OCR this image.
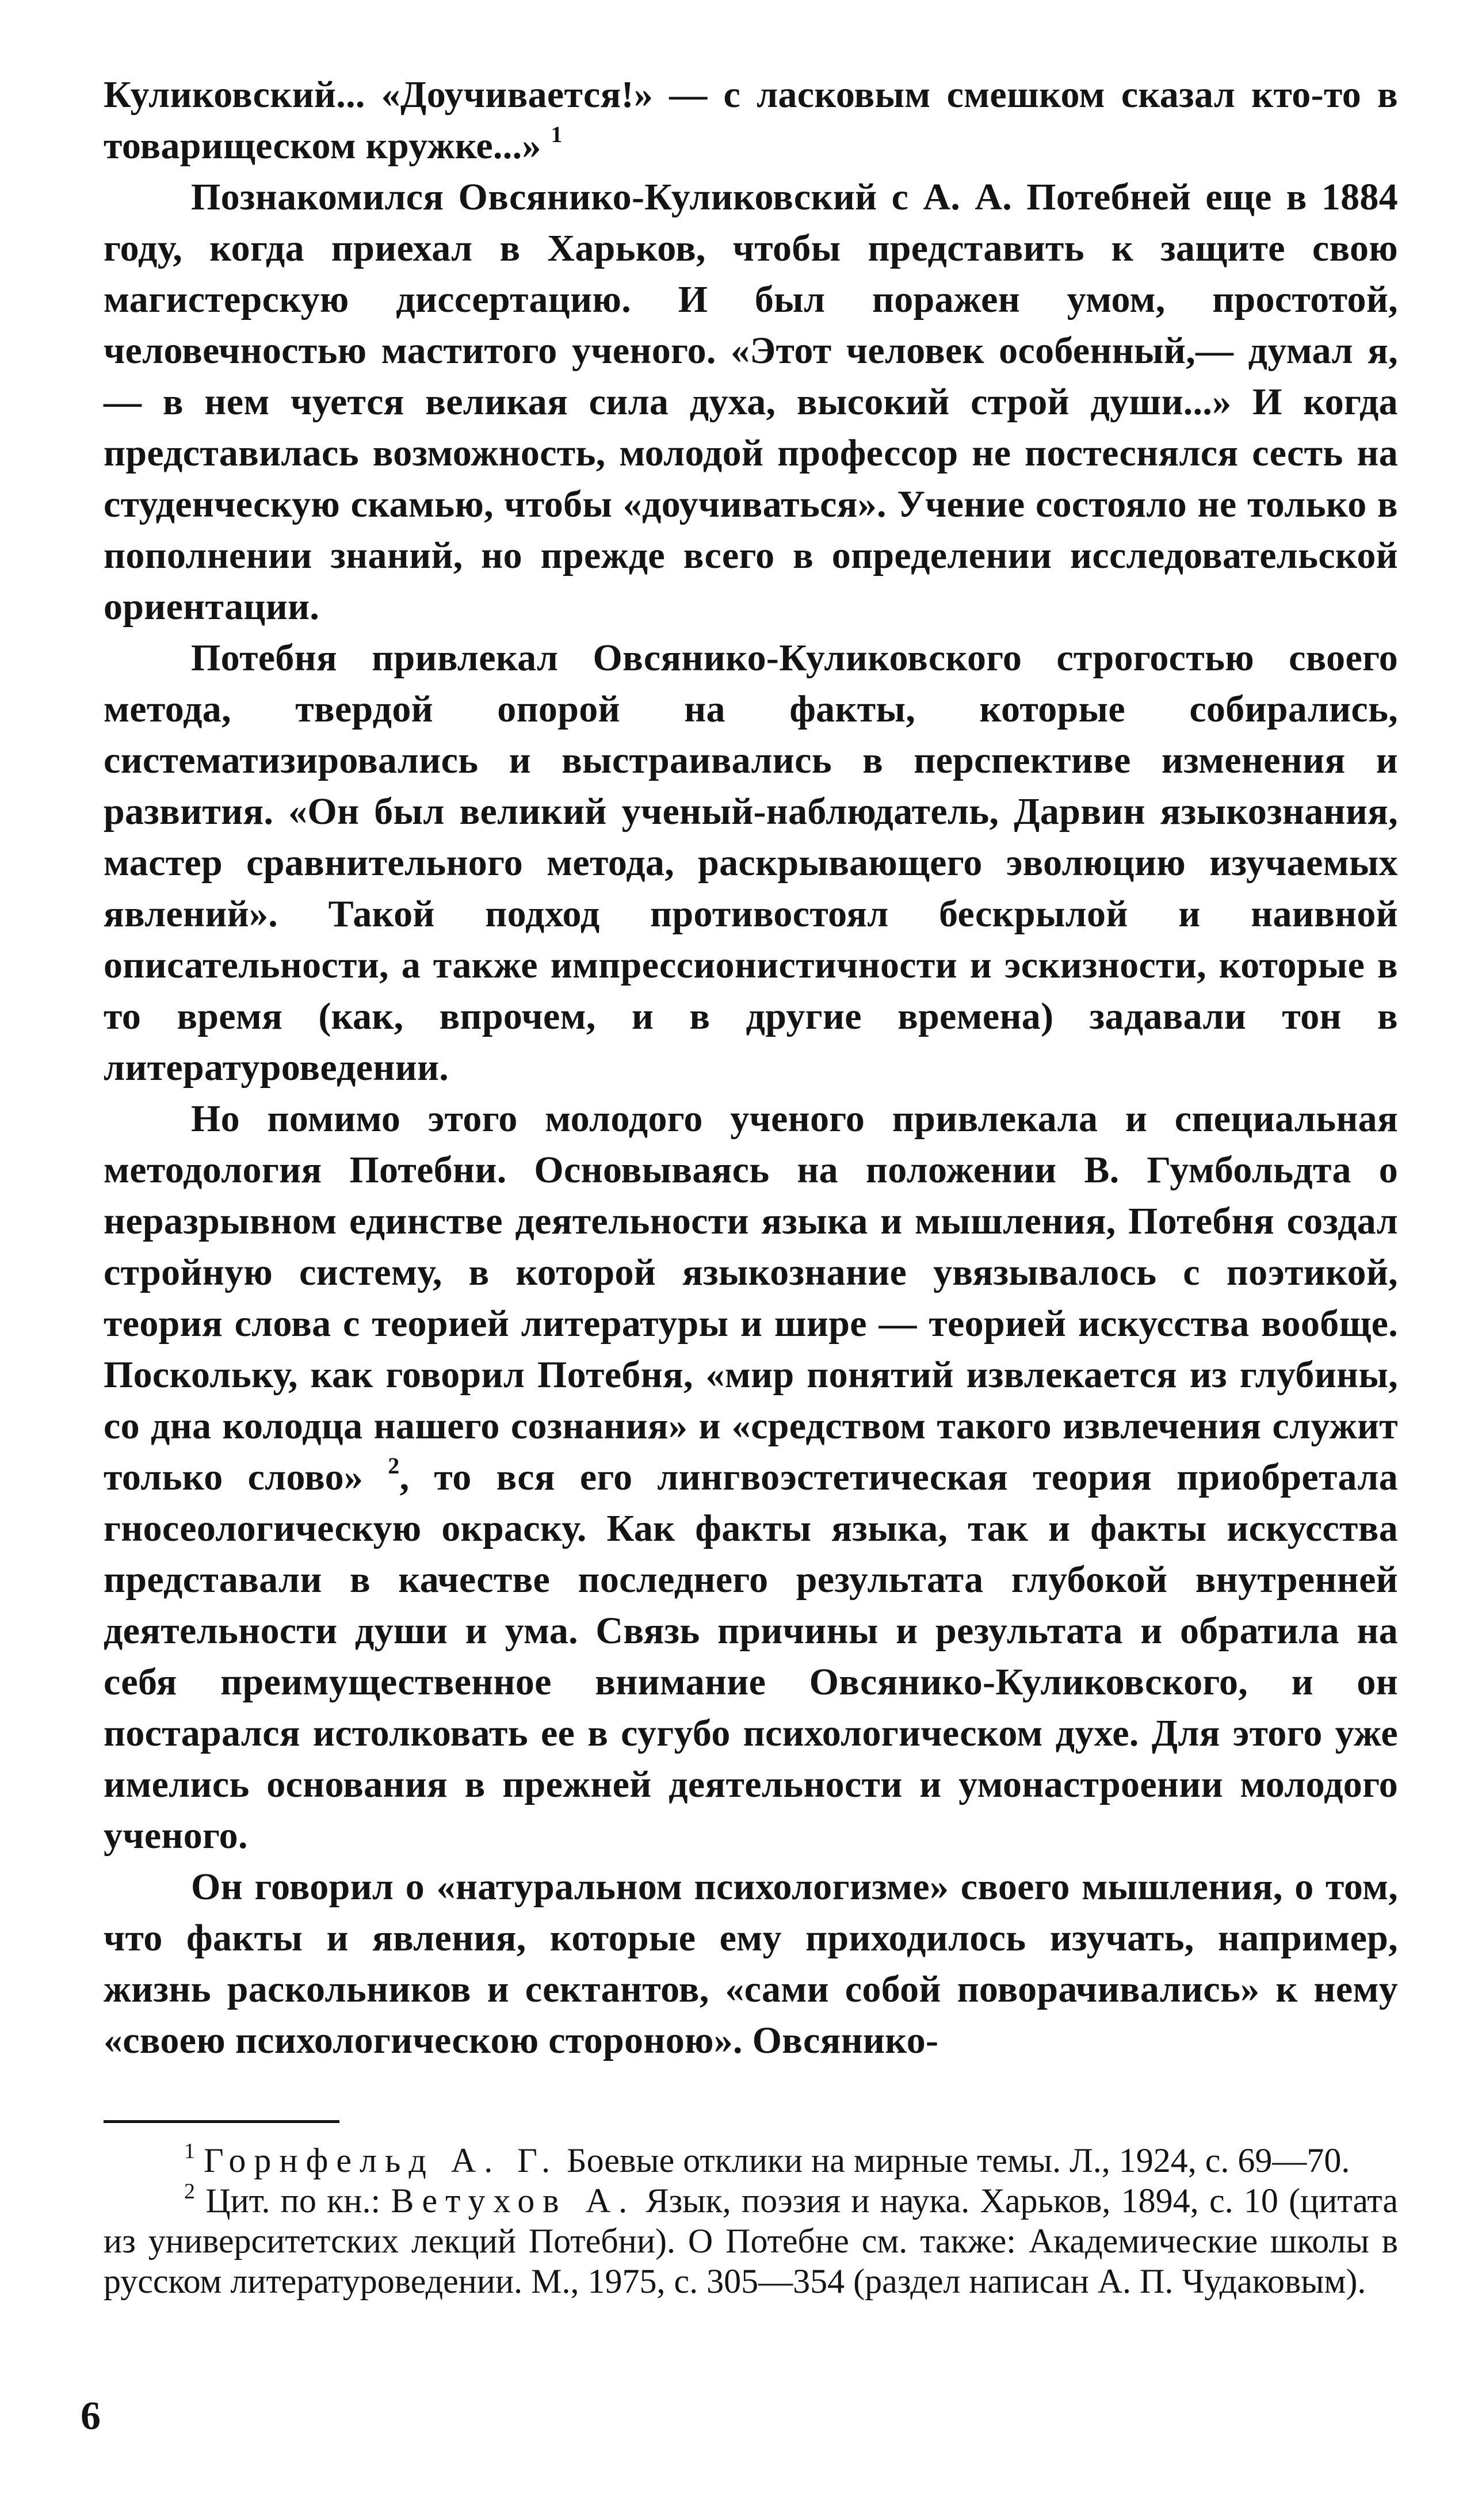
Куликовский... «Доучивается!» — с ласковым смешком сказал кто-то в товарищеском кружке...» $^1$

Познакомился Овсянико-Куликовский с А. А. Потебней еще в 1884 году, когда приехал в Харьков, чтобы представить к защите свою магистерскую диссертацию. И был поражен умом, простотой, человечностью маститого ученого. «Этот человек особенный,— думал я,— в нем чуется великая сила духа, высокий строй души...» И когда представилась возможность, молодой профессор не постеснялся сесть на студенческую скамью, чтобы «доучиваться». Учение состояло не только в пополнении знаний, но прежде всего в определении исследовательской ориентации.

Потебня привлекал Овсянико-Куликовского строгостью своего метода, твердой опорой на факты, которые собирались, систематизировались и выстраивались в перспективе изменения и развития. «Он был великий ученый-наблюдатель, Дарвин языкознания, мастер сравнительного метода, раскрывающего эволюцию изучаемых явлений». Такой подход противостоял бескрылой и наивной описательности, а также импрессионистичности и эскизности, которые в то время (как, впрочем, и в другие времена) задавали тон в литературоведении.

Но помимо этого молодого ученого привлекала и специальная методология Потебни. Основываясь на положении В. Гумбольдта о неразрывном единстве деятельности языка и мышления, Потебня создал стройную систему, в которой языкознание увязывалось с поэтикой, теория слова с теорией литературы и шире — теорией искусства вообще. Поскольку, как говорил Потебня, «мир понятий извлекается из глубины, со дна колодца нашего сознания» и «средством такого извлечения служит только слово» $^2$, то вся его лингвоэстетическая теория приобретала гносеологическую окраску. Как факты языка, так и факты искусства представали в качестве последнего результата глубокой внутренней деятельности души и ума. Связь причины и результата и обратила на себя преимущественное внимание Овсянико-Куликовского, и он постарался истолковать ее в сугубо психологическом духе. Для этого уже имелись основания в прежней деятельности и умонастроении молодого ученого.

Он говорил о «натуральном психологизме» своего мышления, о том, что факты и явления, которые ему приходилось изучать, например, жизнь раскольников и сектантов, «сами собой поворачивались» к нему «своею психологическою стороною». Овсянико-

$^1$ Горнфельд А. Г. Боевые отклики на мирные темы. Л., 1924, с. 69—70.

$^2$ Цит. по кн.: Ветухов А. Язык, поэзия и наука. Харьков, 1894, с. 10 (цитата из университетских лекций Потебни). О Потебне см. также: Академические школы в русском литературоведении. М., 1975, с. 305—354 (раздел написан А. П. Чудаковым).

6
